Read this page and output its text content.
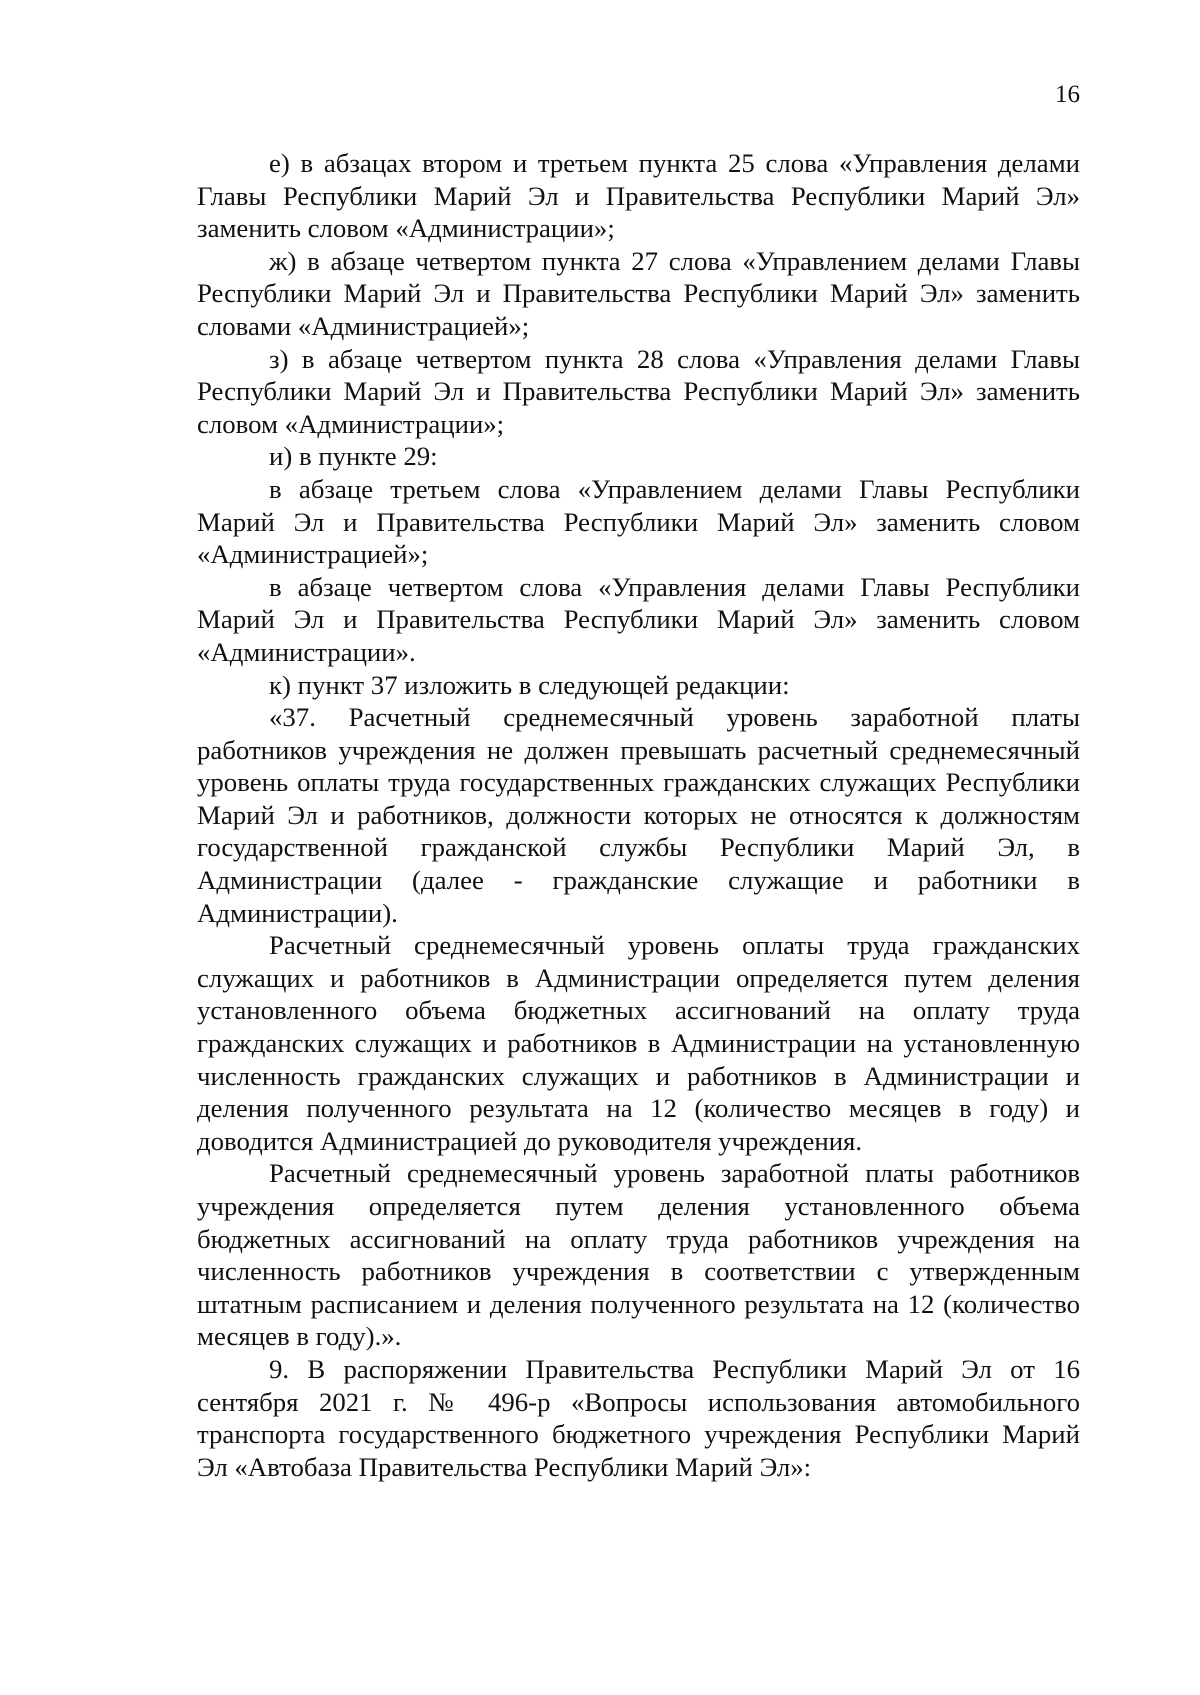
16

е) в абзацах втором и третьем пункта 25 слова «Управления делами Главы Республики Марий Эл и Правительства Республики Марий Эл» заменить словом «Администрации»;

ж) в абзаце четвертом пункта 27 слова «Управлением делами Главы Республики Марий Эл и Правительства Республики Марий Эл» заменить словами «Администрацией»;

з) в абзаце четвертом пункта 28 слова «Управления делами Главы Республики Марий Эл и Правительства Республики Марий Эл» заменить словом «Администрации»;

и) в пункте 29:

в абзаце третьем слова «Управлением делами Главы Республики Марий Эл и Правительства Республики Марий Эл» заменить словом «Администрацией»;

в абзаце четвертом слова «Управления делами Главы Республики Марий Эл и Правительства Республики Марий Эл» заменить словом «Администрации».

к) пункт 37 изложить в следующей редакции:

«37. Расчетный среднемесячный уровень заработной платы работников учреждения не должен превышать расчетный среднемесячный уровень оплаты труда государственных гражданских служащих Республики Марий Эл и работников, должности которых не относятся к должностям государственной гражданской службы Республики Марий Эл, в Администрации (далее - гражданские служащие и работники в Администрации).

Расчетный среднемесячный уровень оплаты труда гражданских служащих и работников в Администрации определяется путем деления установленного объема бюджетных ассигнований на оплату труда гражданских служащих и работников в Администрации на установленную численность гражданских служащих и работников в Администрации и деления полученного результата на 12 (количество месяцев в году) и доводится Администрацией до руководителя учреждения.

Расчетный среднемесячный уровень заработной платы работников учреждения определяется путем деления установленного объема бюджетных ассигнований на оплату труда работников учреждения на численность работников учреждения в соответствии с утвержденным штатным расписанием и деления полученного результата на 12 (количество месяцев в году).».

9. В распоряжении Правительства Республики Марий Эл от 16 сентября 2021 г. № 496-р «Вопросы использования автомобильного транспорта государственного бюджетного учреждения Республики Марий Эл «Автобаза Правительства Республики Марий Эл»:
